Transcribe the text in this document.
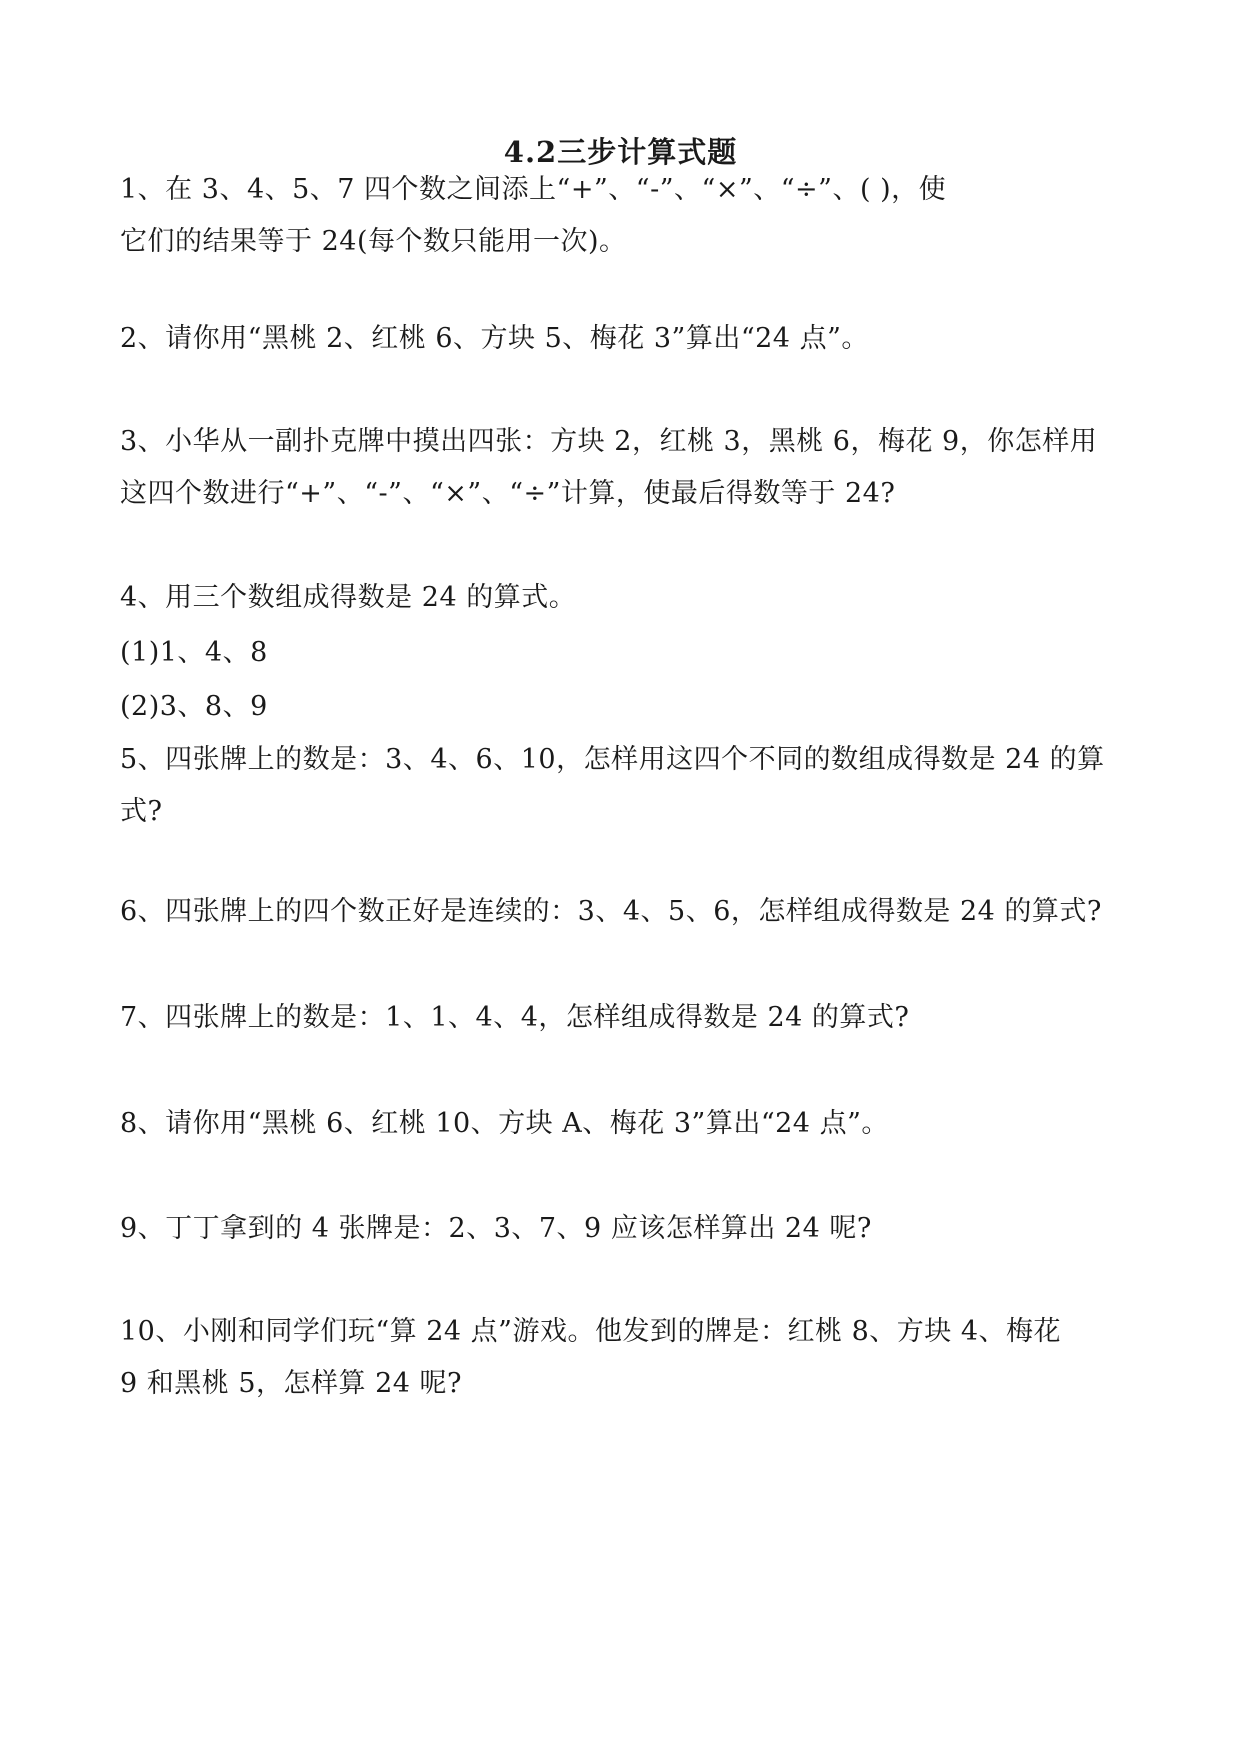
4.2三步计算式题
1、在 3、4、5、7 四个数之间添上“+”、“-”、“×”、“÷”、( )，使
它们的结果等于 24(每个数只能用一次)。
2、请你用“黑桃 2、红桃 6、方块 5、梅花 3”算出“24 点”。
3、小华从一副扑克牌中摸出四张：方块 2，红桃 3，黑桃 6，梅花 9，你怎样用
这四个数进行“+”、“-”、“×”、“÷”计算，使最后得数等于 24?
4、用三个数组成得数是 24 的算式。
(1)1、4、8
(2)3、8、9
5、四张牌上的数是：3、4、6、10，怎样用这四个不同的数组成得数是 24 的算
式?
6、四张牌上的四个数正好是连续的：3、4、5、6，怎样组成得数是 24 的算式?
7、四张牌上的数是：1、1、4、4，怎样组成得数是 24 的算式?
8、请你用“黑桃 6、红桃 10、方块 A、梅花 3”算出“24 点”。
9、丁丁拿到的 4 张牌是：2、3、7、9 应该怎样算出 24 呢?
10、小刚和同学们玩“算 24 点”游戏。他发到的牌是：红桃 8、方块 4、梅花
9 和黑桃 5，怎样算 24 呢?
